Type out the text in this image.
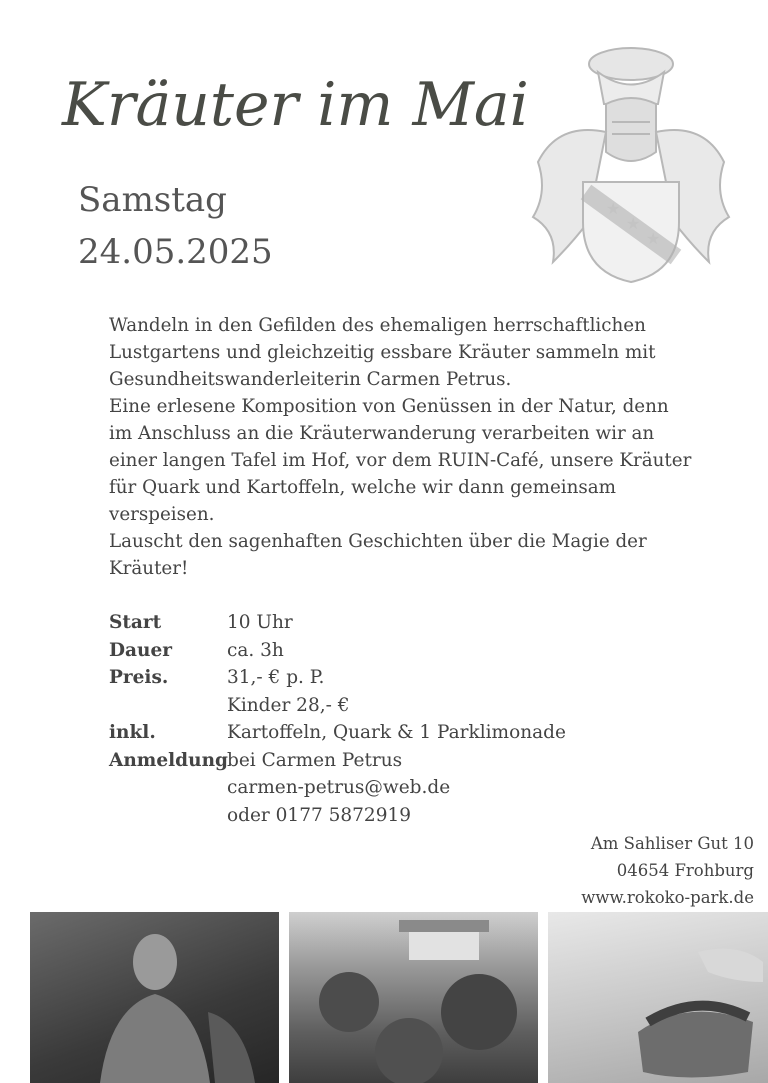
Kräuter im Mai
Samstag
24.05.2025
★
★
★

Wandeln in den Gefilden des ehemaligen herrschaftlichen

Lustgartens und gleichzeitig essbare Kräuter sammeln mit

Gesundheitswanderleiterin Carmen Petrus.

Eine erlesene Komposition von Genüssen in der Natur, denn

im Anschluss an die Kräuterwanderung verarbeiten wir an

einer langen Tafel im Hof, vor dem RUIN-Café, unsere Kräuter

für Quark und Kartoffeln, welche wir dann gemeinsam

verspeisen.

Lauscht den sagenhaften Geschichten über die Magie der

Kräuter!

Start	10 Uhr
Dauer	ca. 3h
Preis.	31,- € p. P.
Kinder 28,- €
inkl.	Kartoffeln, Quark & 1 Parklimonade
Anmeldung bei Carmen Petrus
carmen-petrus@web.de
oder 0177 5872919
Am Sahliser Gut 10
04654 Frohburg
www.rokoko-park.de
